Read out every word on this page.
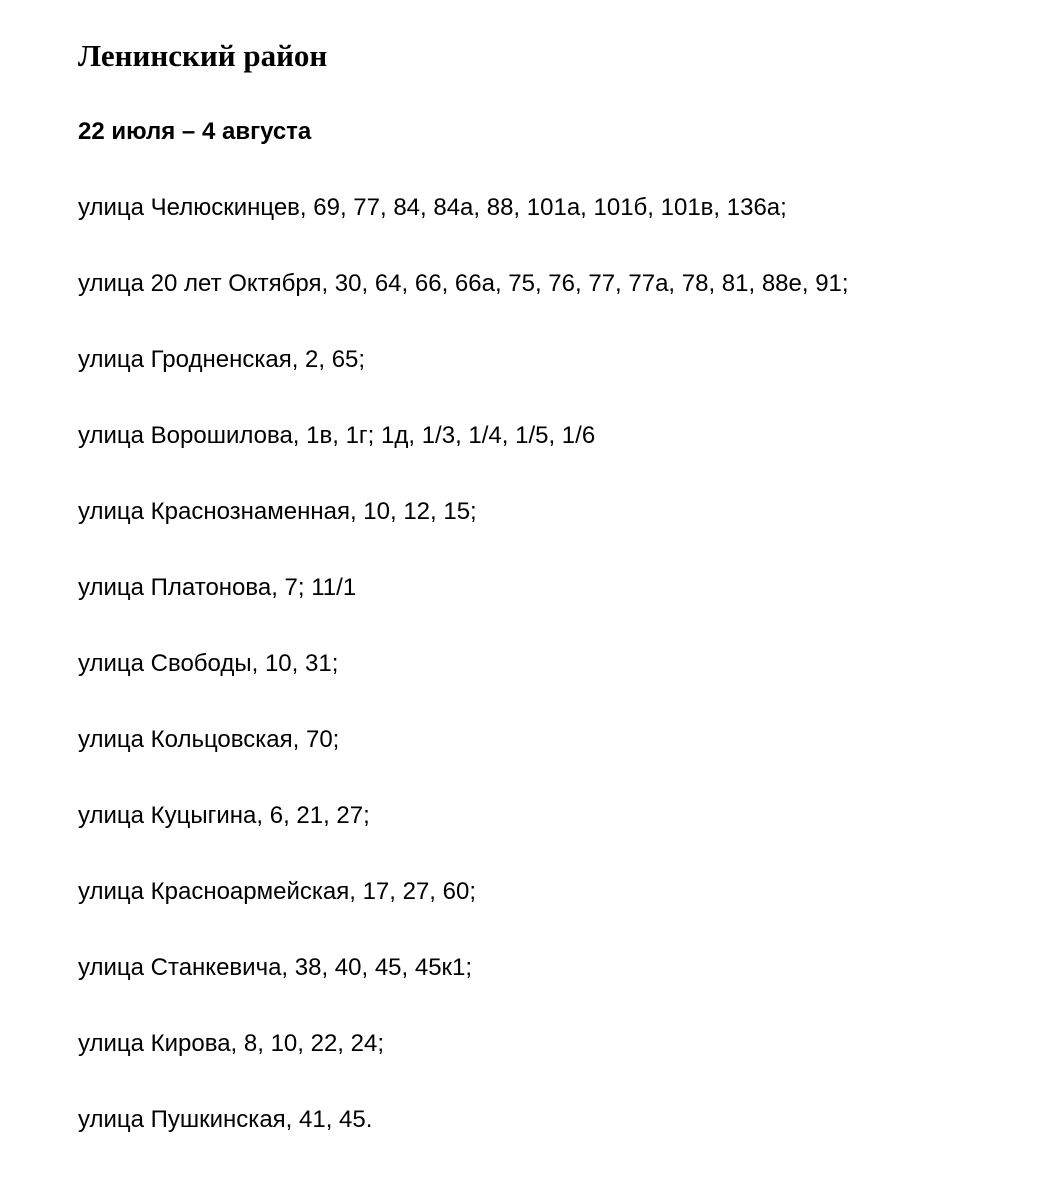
Ленинский район

22 июля – 4 августа

улица Челюскинцев, 69, 77, 84, 84а, 88, 101а, 101б, 101в, 136а;
улица 20 лет Октября, 30, 64, 66, 66а, 75, 76, 77, 77а, 78, 81, 88е, 91;
улица Гродненская, 2, 65;
улица Ворошилова, 1в, 1г; 1д, 1/3, 1/4, 1/5, 1/6
улица Краснознаменная, 10, 12, 15;
улица Платонова, 7; 11/1
улица Свободы, 10, 31;
улица Кольцовская, 70;
улица Куцыгина, 6, 21, 27;
улица Красноармейская, 17, 27, 60;
улица Станкевича, 38, 40, 45, 45к1;
улица Кирова, 8, 10, 22, 24;
улица Пушкинская, 41, 45.
